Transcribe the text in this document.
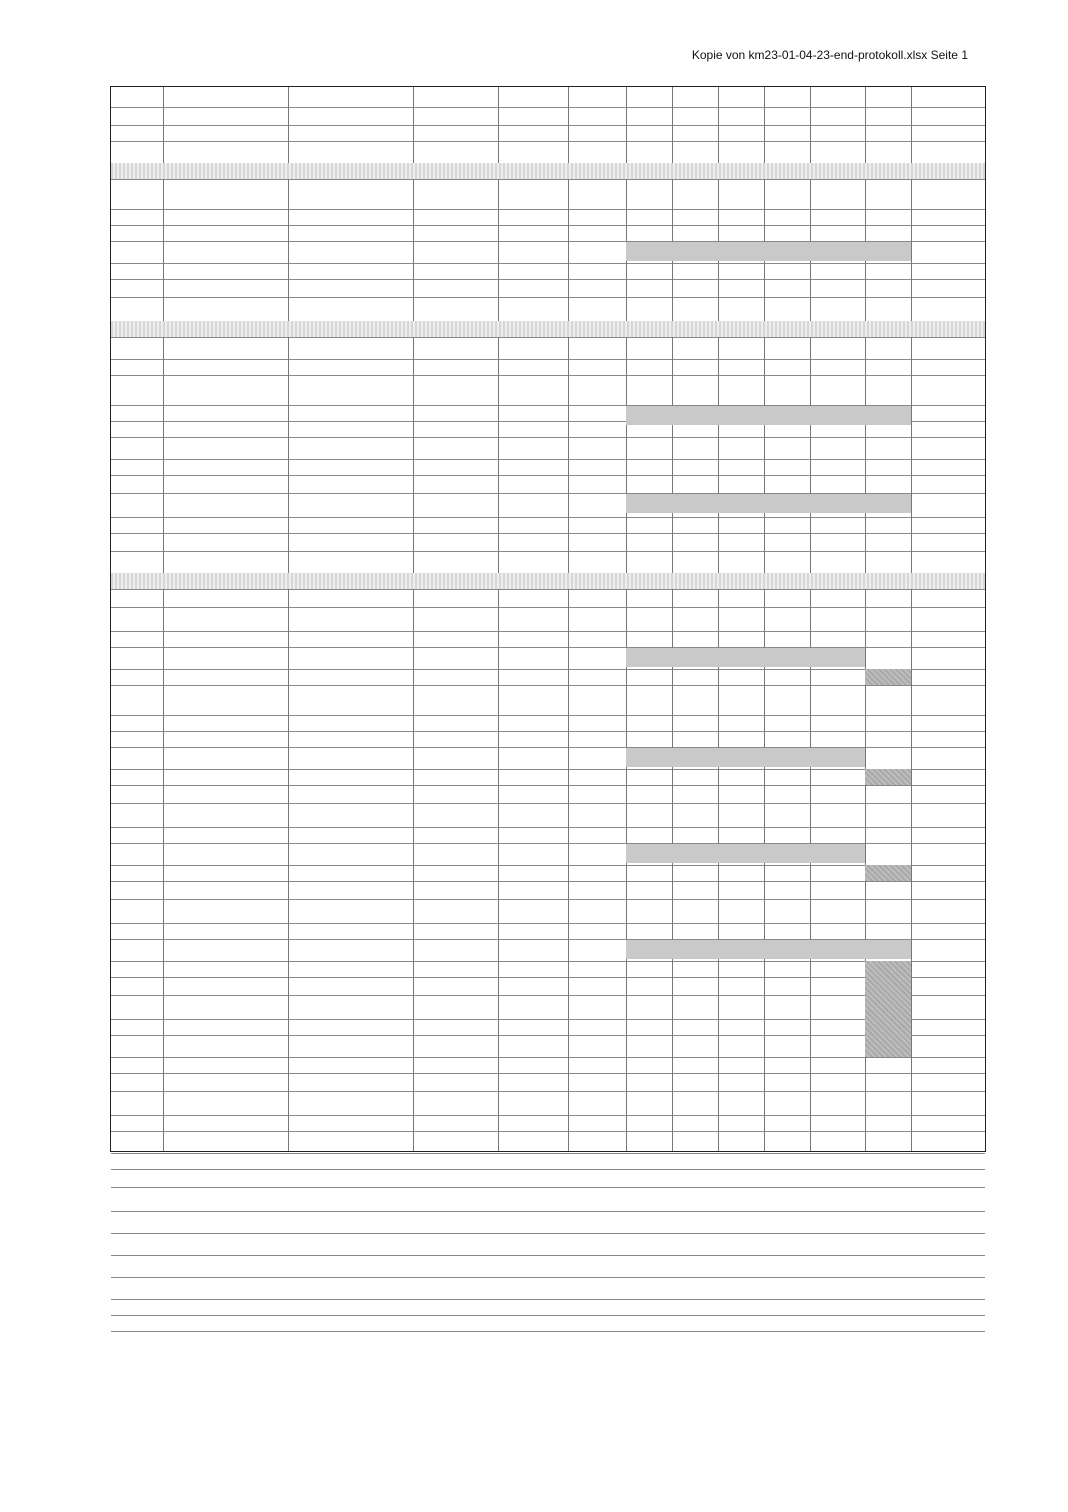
Kopie von km23-01-04-23-end-protokoll.xlsx Seite 1
